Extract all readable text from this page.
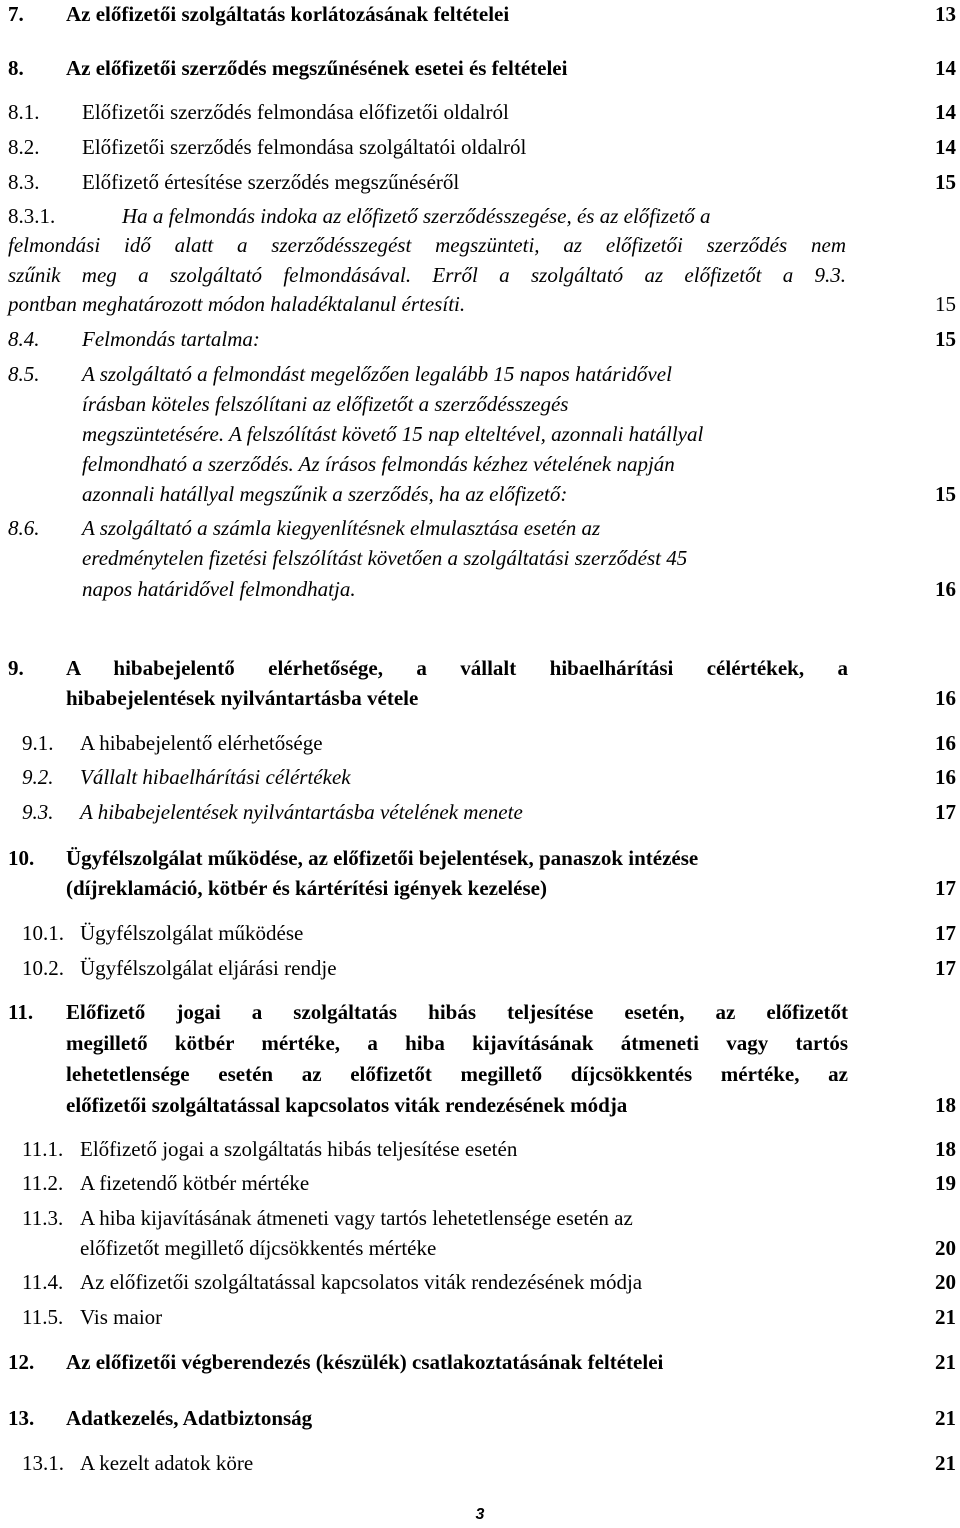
7. Az előfizetői szolgáltatás korlátozásának feltételei	13
8. Az előfizetői szerződés megszűnésének esetei és feltételei	14
8.1. Előfizetői szerződés felmondása előfizetői oldalról	14
8.2. Előfizetői szerződés felmondása szolgáltatói oldalról	14
8.3. Előfizető értesítése szerződés megszűnéséről	15
8.3.1.	Ha a felmondás indoka az előfizető szerződésszegése, és az előfizető a
felmondási idő alatt a szerződésszegést megszünteti, az előfizetői szerződés nem
szűnik meg a szolgáltató felmondásával. Erről a szolgáltató az előfizetőt a 9.3.
pontban meghatározott módon haladéktalanul értesíti.	15
8.4. Felmondás tartalma:	15
8.5. A szolgáltató a felmondást megelőzően legalább 15 napos határidővel
írásban köteles felszólítani az előfizetőt a szerződésszegés
megszüntetésére. A felszólítást követő 15 nap elteltével, azonnali hatállyal
felmondható a szerződés. Az írásos felmondás kézhez vételének napján
azonnali hatállyal megszűnik a szerződés, ha az előfizető:	15
8.6. A szolgáltató a számla kiegyenlítésnek elmulasztása esetén az
eredménytelen fizetési felszólítást követően a szolgáltatási szerződést 45
napos határidővel felmondhatja.	16
9. A hibabejelentő elérhetősége, a vállalt hibaelhárítási célértékek, a
hibabejelentések nyilvántartásba vétele	16
9.1. A hibabejelentő elérhetősége	16
9.2. Vállalt hibaelhárítási célértékek	16
9.3. A hibabejelentések nyilvántartásba vételének menete	17
10. Ügyfélszolgálat működése, az előfizetői bejelentések, panaszok intézése
(díjreklamáció, kötbér és kártérítési igények kezelése)	17
10.1. Ügyfélszolgálat működése	17
10.2. Ügyfélszolgálat eljárási rendje	17
11. Előfizető jogai a szolgáltatás hibás teljesítése esetén, az előfizetőt
megillető kötbér mértéke, a hiba kijavításának átmeneti vagy tartós
lehetetlensége esetén az előfizetőt megillető díjcsökkentés mértéke, az
előfizetői szolgáltatással kapcsolatos viták rendezésének módja	18
11.1. Előfizető jogai a szolgáltatás hibás teljesítése esetén	18
11.2. A fizetendő kötbér mértéke	19
11.3. A hiba kijavításának átmeneti vagy tartós lehetetlensége esetén az
előfizetőt megillető díjcsökkentés mértéke	20
11.4. Az előfizetői szolgáltatással kapcsolatos viták rendezésének módja	20
11.5. Vis maior	21
12. Az előfizetői végberendezés (készülék) csatlakoztatásának feltételei	21
13. Adatkezelés, Adatbiztonság	21
13.1. A kezelt adatok köre	21
3
